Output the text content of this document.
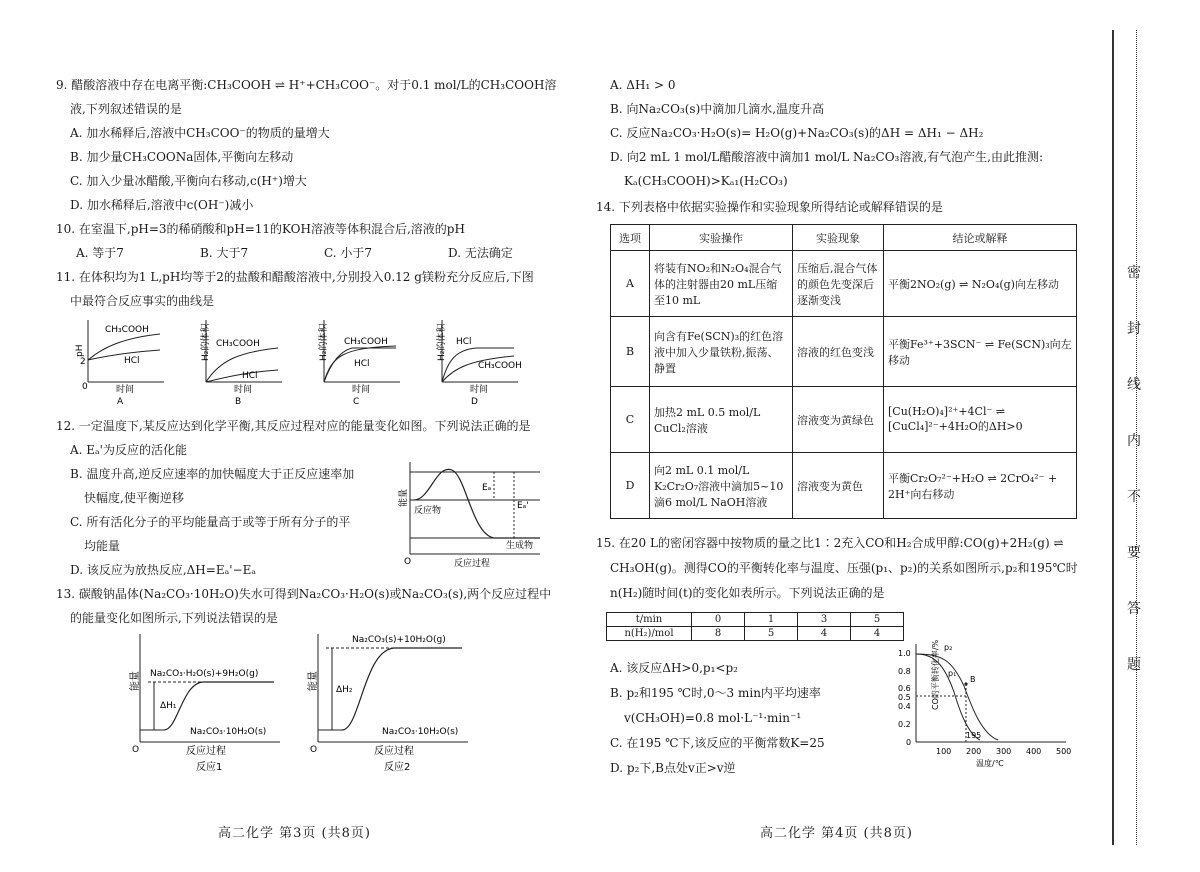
9. 醋酸溶液中存在电离平衡:CH₃COOH ⇌ H⁺+CH₃COO⁻。对于0.1 mol/L的CH₃COOH溶
液,下列叙述错误的是
A. 加水稀释后,溶液中CH₃COO⁻的物质的量增大
B. 加少量CH₃COONa固体,平衡向左移动
C. 加入少量冰醋酸,平衡向右移动,c(H⁺)增大
D. 加水稀释后,溶液中c(OH⁻)减小
10. 在室温下,pH=3的稀硝酸和pH=11的KOH溶液等体积混合后,溶液的pH
A. 等于7	B. 大于7	C. 小于7	D. 无法确定
11. 在体积均为1 L,pH均等于2的盐酸和醋酸溶液中,分别投入0.12 g镁粉充分反应后,下图
中最符合反应事实的曲线是
pH
CH₃COOH
HCl
2
0	时间
A
H₂的体积 CH₃COOH
HCl
时间
B
H₂的体积 CH₃COOH
HCl
时间
C
H₂的体积 HCl
CH₃COOH
时间
D
12. 一定温度下,某反应达到化学平衡,其反应过程对应的能量变化如图。下列说法正确的是
A. Eₐ'为反应的活化能
B. 温度升高,逆反应速率的加快幅度大于正反应速率加
快幅度,使平衡逆移
C. 所有活化分子的平均能量高于或等于所有分子的平
均能量
D. 该反应为放热反应,ΔH=Eₐ'−Eₐ
能量
反应物
生成物
Eₐ
Eₐ'
O	反应过程
13. 碳酸钠晶体(Na₂CO₃·10H₂O)失水可得到Na₂CO₃·H₂O(s)或Na₂CO₃(s),两个反应过程中
的能量变化如图所示,下列说法错误的是
能量 Na₂CO₃·H₂O(s)+9H₂O(g)
Na₂CO₃·10H₂O(s)
ΔH₁
O	反应过程
反应1
能量
Na₂CO₃(s)+10H₂O(g)
Na₂CO₃·10H₂O(s)
ΔH₂
O	反应过程
反应2
高二化学 第3页 (共8页)
A. ΔH₁ > 0
B. 向Na₂CO₃(s)中滴加几滴水,温度升高
C. 反应Na₂CO₃·H₂O(s)= H₂O(g)+Na₂CO₃(s)的ΔH = ΔH₁ − ΔH₂
D. 向2 mL 1 mol/L醋酸溶液中滴加1 mol/L Na₂CO₃溶液,有气泡产生,由此推测:
Kₐ(CH₃COOH)>Kₐ₁(H₂CO₃)
14. 下列表格中依据实验操作和实验现象所得结论或解释错误的是
选项	实验操作	实验现象	结论或解释
A	将装有NO₂和N₂O₄混合气体的注射器由20 mL压缩至10 mL	压缩后,混合气体的颜色先变深后逐渐变浅	平衡2NO₂(g) ⇌ N₂O₄(g)向左移动
B	向含有Fe(SCN)₃的红色溶液中加入少量铁粉,振荡、静置	溶液的红色变浅	平衡Fe³⁺+3SCN⁻ ⇌ Fe(SCN)₃向左移动
C	加热2 mL 0.5 mol/L CuCl₂溶液	溶液变为黄绿色	[Cu(H₂O)₄]²⁺+4Cl⁻ ⇌ [CuCl₄]²⁻+4H₂O的ΔH>0
D	向2 mL 0.1 mol/L K₂Cr₂O₇溶液中滴加5~10滴6 mol/L NaOH溶液	溶液变为黄色	平衡Cr₂O₇²⁻+H₂O ⇌ 2CrO₄²⁻ + 2H⁺向右移动
15. 在20 L的密闭容器中按物质的量之比1∶2充入CO和H₂合成甲醇:CO(g)+2H₂(g) ⇌
CH₃OH(g)。测得CO的平衡转化率与温度、压强(p₁、p₂)的关系如图所示,p₂和195℃时
n(H₂)随时间(t)的变化如表所示。下列说法正确的是
t/min	0	1	3	5
n(H₂)/mol	8	5	4	4
A. 该反应ΔH>0,p₁<p₂
B. p₂和195 ℃时,0～3 min内平均速率
v(CH₃OH)=0.8 mol·L⁻¹·min⁻¹
C. 在195 ℃下,该反应的平衡常数K=25
D. p₂下,B点处v正>v逆
CO的平衡转化率/%
1.0
0.8
0.6
0.5
0.4
0.2
0
100 200 300 400 500
p₂
p₁
B
195
温度/℃
高二化学 第4页 (共8页)
密
封
线
内
不
要
答
题
